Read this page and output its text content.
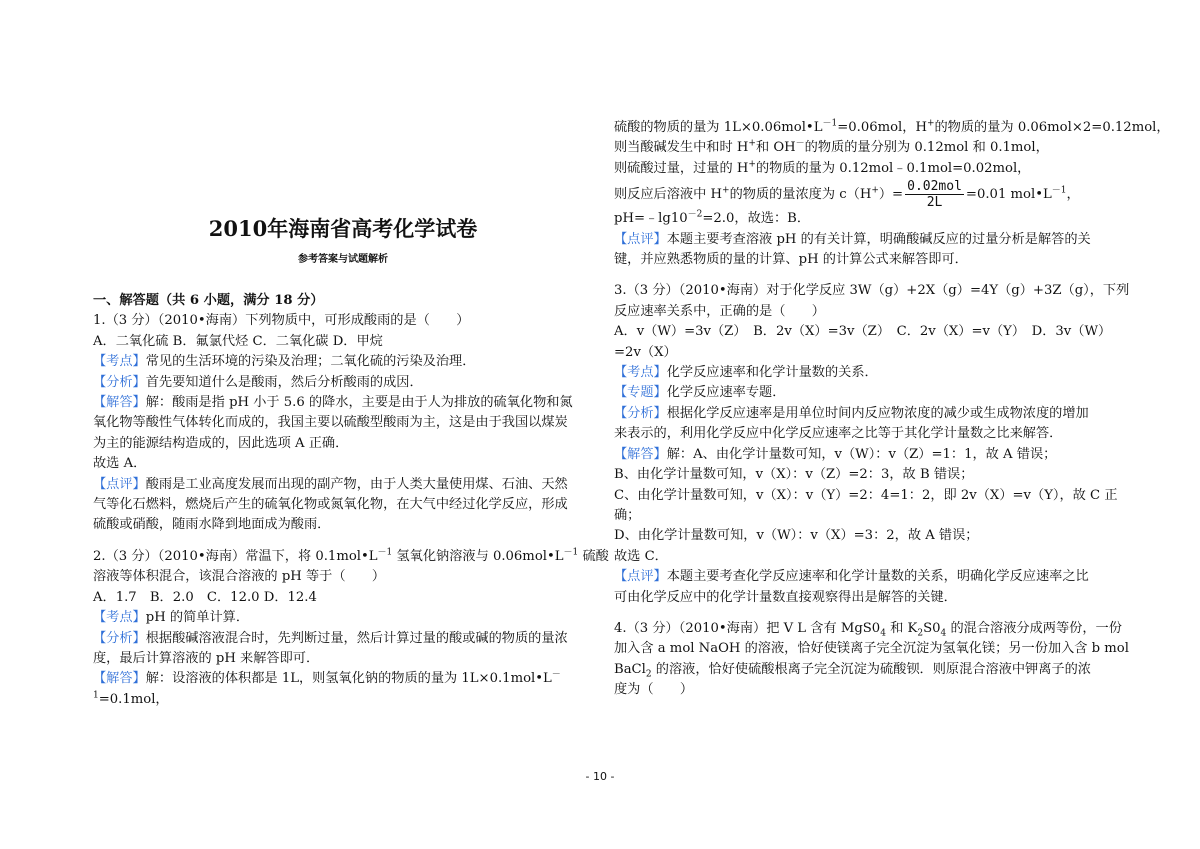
2010年海南省高考化学试卷
参考答案与试题解析
一、解答题（共 6 小题，满分 18 分）
1.（3 分）（2010•海南）下列物质中，可形成酸雨的是（　　）
A．二氧化硫 B．氟氯代烃 C．二氧化碳 D．甲烷
【考点】常见的生活环境的污染及治理；二氧化硫的污染及治理．
【分析】首先要知道什么是酸雨，然后分析酸雨的成因．
【解答】解：酸雨是指 pH 小于 5.6 的降水，主要是由于人为排放的硫氧化物和氮
氧化物等酸性气体转化而成的，我国主要以硫酸型酸雨为主，这是由于我国以煤炭
为主的能源结构造成的，因此选项 A 正确．
故选 A．
【点评】酸雨是工业高度发展而出现的副产物，由于人类大量使用煤、石油、天然
气等化石燃料，燃烧后产生的硫氧化物或氮氧化物，在大气中经过化学反应，形成
硫酸或硝酸，随雨水降到地面成为酸雨．
2.（3 分）（2010•海南）常温下，将 $0.1mol•L^{-1}$ 氢氧化钠溶液与 $0.06mol•L^{-1}$ 硫酸
溶液等体积混合，该混合溶液的 pH 等于（　　）
A．1.7　B．2.0　C．12.0 D．12.4
【考点】pH 的简单计算．
【分析】根据酸碱溶液混合时，先判断过量，然后计算过量的酸或碱的物质的量浓
度，最后计算溶液的 pH 来解答即可．
【解答】解：设溶液的体积都是 1L，则氢氧化钠的物质的量为 1L×0.1mol•L－
$^1$=0.1mol，
硫酸的物质的量为 $1L\times 0.06mol•L^{-1}=0.06mol$，H+的物质的量为 0.06mol×2=0.12mol，
则当酸碱发生中和时 H+和 OH－的物质的量分别为 0.12mol 和 0.1mol，
则硫酸过量，过量的 H+的物质的量为 0.12mol﹣0.1mol=0.02mol，
则反应后溶液中 H+的物质的量浓度为 $c(H^+)= \frac{\text{0.02mol}}{2L} =0.01$ $mol•L^{-1}$，
$pH=﹣\lg 10^{-2}=2.0$，故选：B．
【点评】本题主要考查溶液 pH 的有关计算，明确酸碱反应的过量分析是解答的关
键，并应熟悉物质的量的计算、pH 的计算公式来解答即可．
3.（3 分）（2010•海南）对于化学反应 3W（g）+2X（g）=4Y（g）+3Z（g），下列
反应速率关系中，正确的是（　　）
A．v（W）=3v（Z）　B．2v（X）=3v（Z）　C．2v（X）=v（Y）　D．3v（W）
=2v（X）
【考点】化学反应速率和化学计量数的关系．
【专题】化学反应速率专题．
【分析】根据化学反应速率是用单位时间内反应物浓度的减少或生成物浓度的增加
来表示的，利用化学反应中化学反应速率之比等于其化学计量数之比来解答．
【解答】解：A、由化学计量数可知，v（W）：v（Z）=1：1，故 A 错误；
B、由化学计量数可知，v（X）：v（Z）=2：3，故 B 错误；
C、由化学计量数可知，v（X）：v（Y）=2：4=1：2，即 2v（X）=v（Y），故 C 正
确；
D、由化学计量数可知，v（W）：v（X）=3：2，故 A 错误；
故选 C．
【点评】本题主要考查化学反应速率和化学计量数的关系，明确化学反应速率之比
可由化学反应中的化学计量数直接观察得出是解答的关键．
4.（3 分）（2010•海南）把 V L 含有 $MgS0_4$ 和 $K_2S0_4$ 的混合溶液分成两等份，一份
加入含 a mol NaOH 的溶液，恰好使镁离子完全沉淀为氢氧化镁；另一份加入含 b mol
BaCl$_2$ 的溶液，恰好使硫酸根离子完全沉淀为硫酸钡．则原混合溶液中钾离子的浓
度为（　　）
- 10 -
